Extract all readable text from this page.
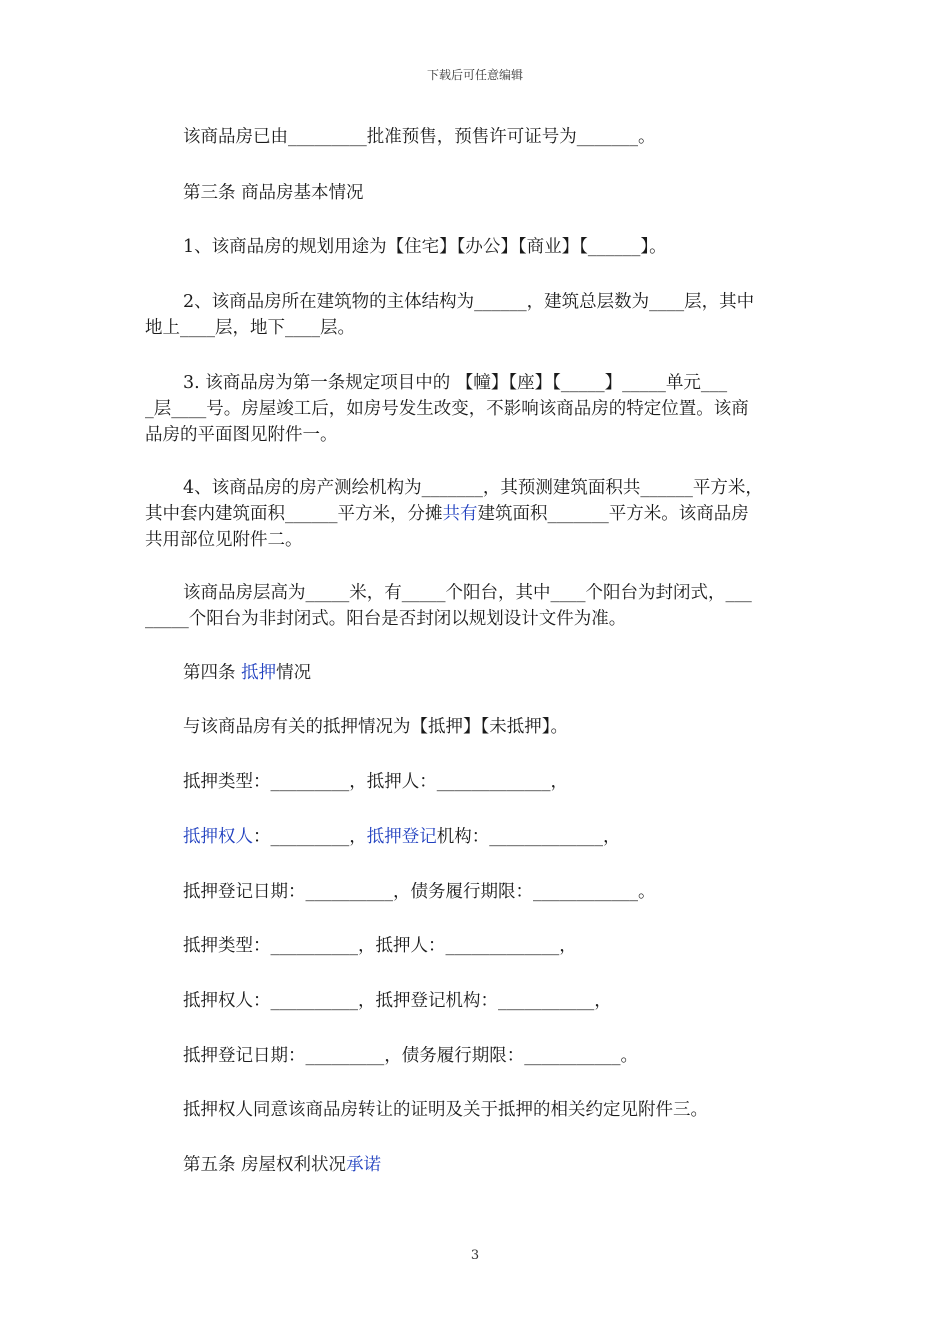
下载后可任意编辑
该商品房已由_________批准预售，预售许可证号为_______。
第三条 商品房基本情况
1、该商品房的规划用途为【住宅】【办公】【商业】【______】。
2、该商品房所在建筑物的主体结构为______，建筑总层数为____层，其中
地上____层，地下____层。
3. 该商品房为第一条规定项目中的 【幢】【座】【_____】_____单元___
_层____号。房屋竣工后，如房号发生改变，不影响该商品房的特定位置。该商
品房的平面图见附件一。
4、该商品房的房产测绘机构为_______，其预测建筑面积共______平方米，
其中套内建筑面积______平方米，分摊共有建筑面积_______平方米。该商品房
共用部位见附件二。
该商品房层高为_____米，有_____个阳台，其中____个阳台为封闭式，___
_____个阳台为非封闭式。阳台是否封闭以规划设计文件为准。
第四条 抵押情况
与该商品房有关的抵押情况为【抵押】【未抵押】。
抵押类型：_________，抵押人：_____________，
抵押权人：_________，抵押登记机构：_____________，
抵押登记日期：__________，债务履行期限：____________。
抵押类型：__________，抵押人：_____________，
抵押权人：__________，抵押登记机构：___________，
抵押登记日期：_________，债务履行期限：___________。
抵押权人同意该商品房转让的证明及关于抵押的相关约定见附件三。
第五条 房屋权利状况承诺
3
